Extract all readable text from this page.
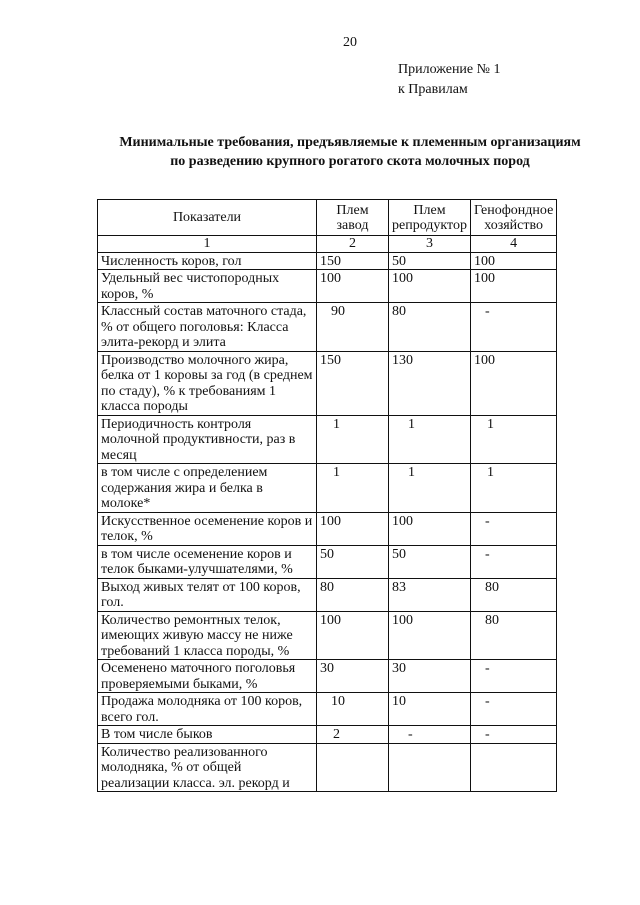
20
Приложение № 1
к Правилам
Минимальные требования, предъявляемые к племенным организациям
по разведению крупного рогатого скота молочных пород
Показатели	Плем завод	Плем репродуктор	Генофондное хозяйство
1	2	3	4
Численность коров, гол	150	50	100
Удельный вес чистопородных коров, %	100	100	100
Классный состав маточного стада, % от общего поголовья: Класса элита-рекорд и элита	90	80	-
Производство молочного жира, белка от 1 коровы за год (в среднем по стаду), % к требованиям 1 класса породы	150	130	100
Периодичность контроля молочной продуктивности, раз в месяц	1	1	1
в том числе с определением содержания жира и белка в молоке*	1	1	1
Искусственное осеменение коров и телок, %	100	100	-
в том числе осеменение коров и телок быками-улучшателями, %	50	50	-
Выход живых телят от 100 коров, гол.	80	83	80
Количество ремонтных телок, имеющих живую массу не ниже требований 1 класса породы, %	100	100	80
Осеменено маточного поголовья проверяемыми быками, %	30	30	-
Продажа молодняка от 100 коров, всего гол.	10	10	-
В том числе быков	2	-	-
Количество реализованного молодняка, % от общей реализации класса. эл. рекорд и			
